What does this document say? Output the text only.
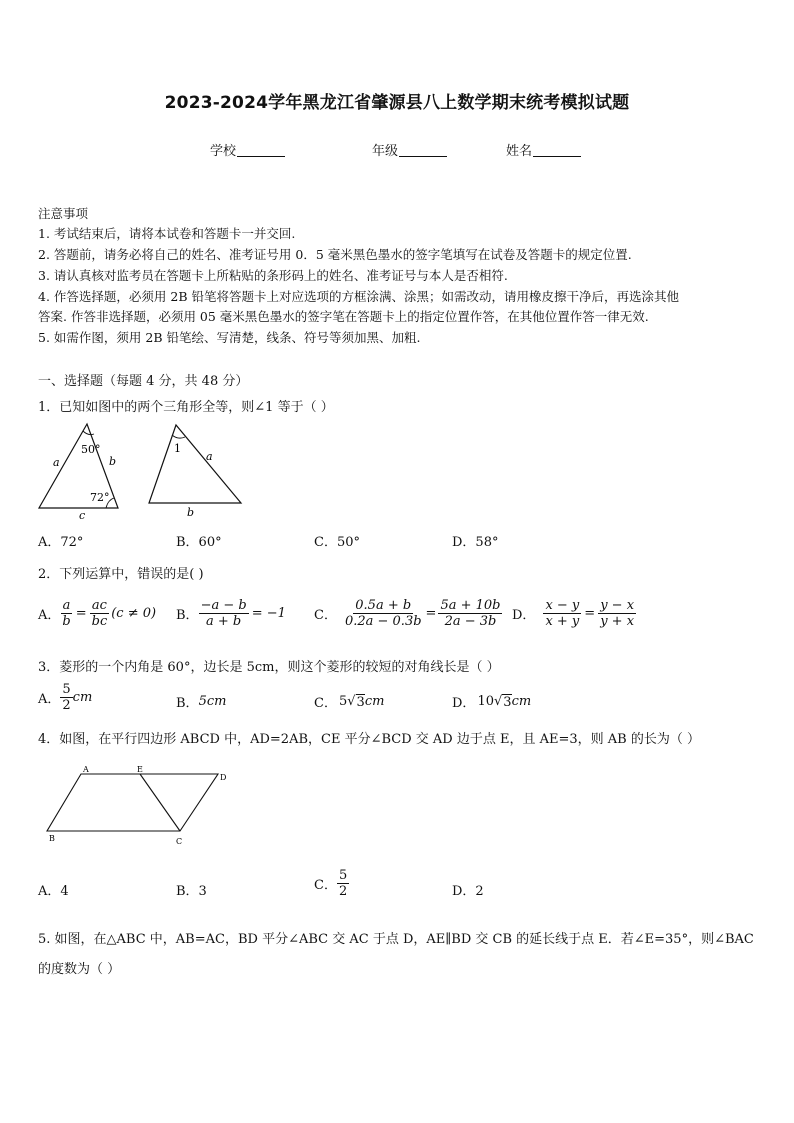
2023-2024学年黑龙江省肇源县八上数学期末统考模拟试题
学校	年级	姓名
注意事项
1. 考试结束后，请将本试卷和答题卡一并交回.
2. 答题前，请务必将自己的姓名、准考证号用 0．5 毫米黑色墨水的签字笔填写在试卷及答题卡的规定位置.
3. 请认真核对监考员在答题卡上所粘贴的条形码上的姓名、准考证号与本人是否相符.
4. 作答选择题，必须用 2B 铅笔将答题卡上对应选项的方框涂满、涂黑；如需改动，请用橡皮擦干净后，再选涂其他
答案. 作答非选择题，必须用 05 毫米黑色墨水的签字笔在答题卡上的指定位置作答，在其他位置作答一律无效.
5. 如需作图，须用 2B 铅笔绘、写清楚，线条、符号等须加黑、加粗.
一、选择题（每题 4 分，共 48 分）
1．已知如图中的两个三角形全等，则∠1 等于（ ）
50°
72°
a	b
c
1
a
b
A．72°	B．60°	C．50°	D．58°
2．下列运算中，错误的是( )
A． $\frac{a}{b} = \frac{ac}{bc} (c \ne 0)$ B． $\frac{-a - b}{a + b} = -1$ C． $\frac{0.5a + b}{0.2a - 0.3b} = \frac{5a + 10b}{2a - 3b}$ D． $\frac{x - y}{x + y} = \frac{y - x}{y + x}$
3．菱形的一个内角是 60°，边长是 5cm，则这个菱形的较短的对角线长是（ ）
A． $\frac{5}{2}$ cm	B． 5cm	C． 5 √ 3 cm	D． 10 √ 3 cm
4．如图，在平行四边形 ABCD 中，AD=2AB，CE 平分∠BCD 交 AD 边于点 E，且 AE=3，则 AB 的长为（ ）
A	E
D
B	C
A．4	B．3	C． $\frac{5}{2}$	D．2
5. 如图，在△ABC 中，AB=AC，BD 平分∠ABC 交 AC 于点 D，AE∥BD 交 CB 的延长线于点 E．若∠E=35°，则∠BAC
的度数为（ ）
